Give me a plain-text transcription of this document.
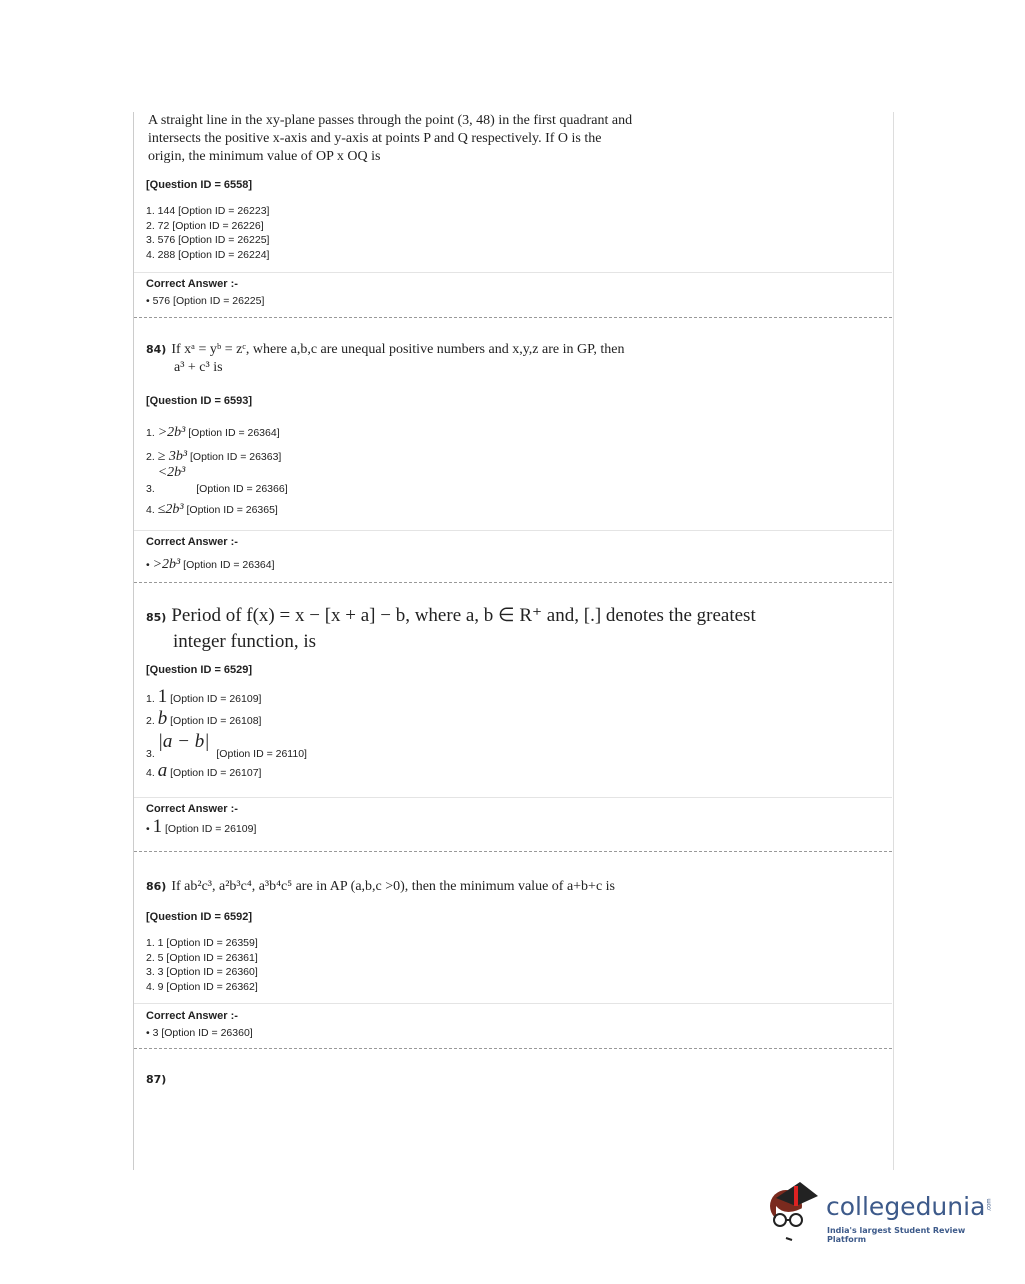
A straight line in the xy-plane passes through the point (3, 48) in the first quadrant and
intersects the positive x-axis and y-axis at points P and Q respectively. If O is the
origin, the minimum value of OP x OQ is
[Question ID = 6558]
1. 144 [Option ID = 26223]
2. 72 [Option ID = 26226]
3. 576 [Option ID = 26225]
4. 288 [Option ID = 26224]
Correct Answer :-
• 576 [Option ID = 26225]
84) If xᵃ = yᵇ = zᶜ, where a,b,c are unequal positive numbers and x,y,z are in GP, then
a³ + c³ is
[Question ID = 6593]
1. >2b³ [Option ID = 26364]
2. ≥ 3b³ [Option ID = 26363]
3. <2b³ [Option ID = 26366]
4. ≤2b³ [Option ID = 26365]
Correct Answer :-
• >2b³ [Option ID = 26364]
85) Period of f(x) = x − [x + a] − b, where a, b ∈ R⁺ and, [.] denotes the greatest
integer function, is
[Question ID = 6529]
1. 1 [Option ID = 26109]
2. b [Option ID = 26108]
3. |a − b| [Option ID = 26110]
4. a [Option ID = 26107]
Correct Answer :-
• 1 [Option ID = 26109]
86) If ab²c³, a²b³c⁴, a³b⁴c⁵ are in AP (a,b,c >0), then the minimum value of a+b+c is
[Question ID = 6592]
1. 1 [Option ID = 26359]
2. 5 [Option ID = 26361]
3. 3 [Option ID = 26360]
4. 9 [Option ID = 26362]
Correct Answer :-
• 3 [Option ID = 26360]
87)
collegedunia .com
India's largest Student Review Platform
